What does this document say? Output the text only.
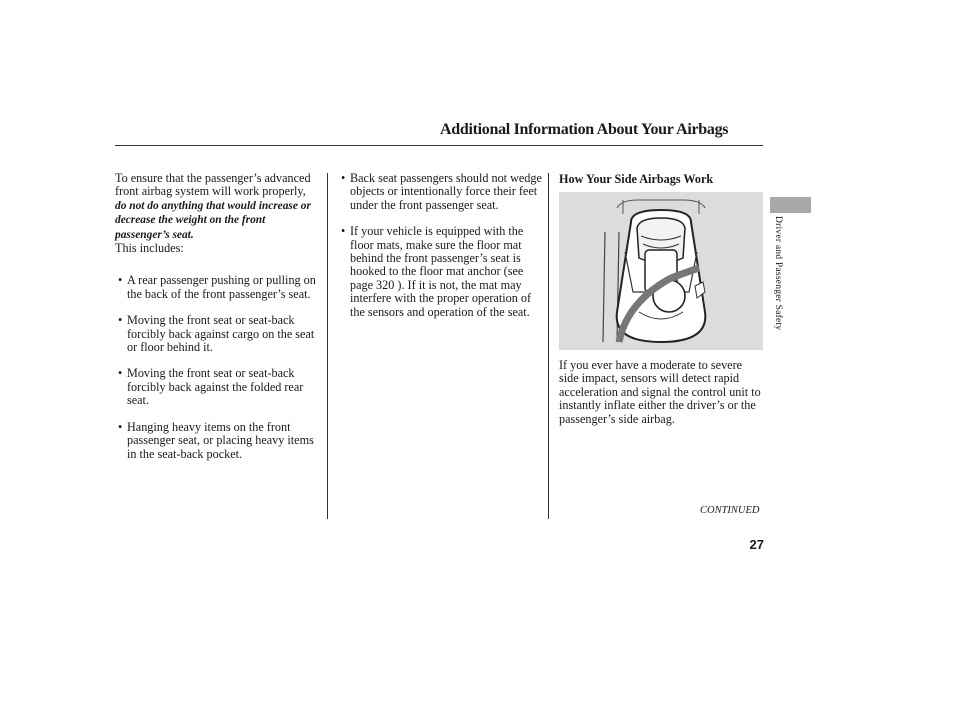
Additional Information About Your Airbags

To ensure that the passenger’s advanced front airbag system will work properly, do not do anything that would increase or decrease the weight on the front passenger’s seat.
This includes:

• A rear passenger pushing or pulling on the back of the front passenger’s seat.

• Moving the front seat or seat-back forcibly back against cargo on the seat or floor behind it.

• Moving the front seat or seat-back forcibly back against the folded rear seat.

• Hanging heavy items on the front passenger seat, or placing heavy items in the seat-back pocket.

• Back seat passengers should not wedge objects or intentionally force their feet under the front passenger seat.

• If your vehicle is equipped with the floor mats, make sure the floor mat behind the front passenger’s seat is hooked to the floor mat anchor (see page 320 ). If it is not, the mat may interfere with the proper operation of the sensors and operation of the seat.

How Your Side Airbags Work

If you ever have a moderate to severe side impact, sensors will detect rapid acceleration and signal the control unit to instantly inflate either the driver’s or the passenger’s side airbag.

CONTINUED
27
Driver and Passenger Safety
